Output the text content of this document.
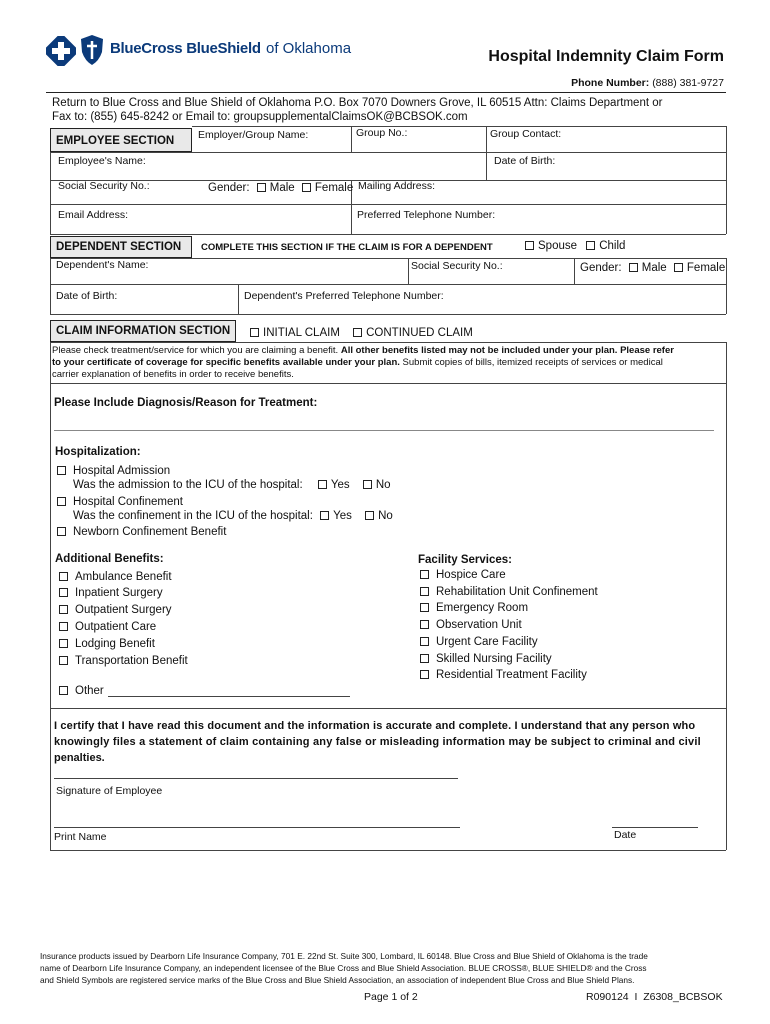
BlueCross BlueShield of Oklahoma	Hospital Indemnity Claim Form
Phone Number: (888) 381-9727
Return to Blue Cross and Blue Shield of Oklahoma P.O. Box 7070 Downers Grove, IL 60515 Attn: Claims Department or
Fax to: (855) 645-8242 or Email to: groupsupplementalClaimsOK@BCBSOK.com
EMPLOYEE SECTION	Employer/Group Name:	Group No.:	Group Contact:
Employee's Name:	Date of Birth:
Social Security No.:	Gender: Male Female Mailing Address:
Email Address:	Preferred Telephone Number:
DEPENDENT SECTION	COMPLETE THIS SECTION IF THE CLAIM IS FOR A DEPENDENT	Spouse Child
Dependent's Name:	Social Security No.:	Gender: Male Female
Date of Birth:	Dependent's Preferred Telephone Number:
CLAIM INFORMATION SECTION	INITIAL CLAIM CONTINUED CLAIM
Please check treatment/service for which you are claiming a benefit. All other benefits listed may not be included under your plan. Please refer
to your certificate of coverage for specific benefits available under your plan. Submit copies of bills, itemized receipts of services or medical
carrier explanation of benefits in order to receive benefits.
Please Include Diagnosis/Reason for Treatment:
Hospitalization:
Hospital Admission
Was the admission to the ICU of the hospital: Yes No
Hospital Confinement
Was the confinement in the ICU of the hospital: Yes No
Newborn Confinement Benefit
Additional Benefits:
Ambulance Benefit
Inpatient Surgery
Outpatient Surgery
Outpatient Care
Lodging Benefit
Transportation Benefit
Other
Facility Services:
Hospice Care
Rehabilitation Unit Confinement
Emergency Room
Observation Unit
Urgent Care Facility
Skilled Nursing Facility
Residential Treatment Facility
I certify that I have read this document and the information is accurate and complete. I understand that any person who
knowingly files a statement of claim containing any false or misleading information may be subject to criminal and civil
penalties.
Signature of Employee
Print Name	Date
Insurance products issued by Dearborn Life Insurance Company, 701 E. 22nd St. Suite 300, Lombard, IL 60148. Blue Cross and Blue Shield of Oklahoma is the trade
name of Dearborn Life Insurance Company, an independent licensee of the Blue Cross and Blue Shield Association. BLUE CROSS®, BLUE SHIELD® and the Cross
and Shield Symbols are registered service marks of the Blue Cross and Blue Shield Association, an association of independent Blue Cross and Blue Shield Plans.
Page 1 of 2	R090124  I  Z6308_BCBSOK
